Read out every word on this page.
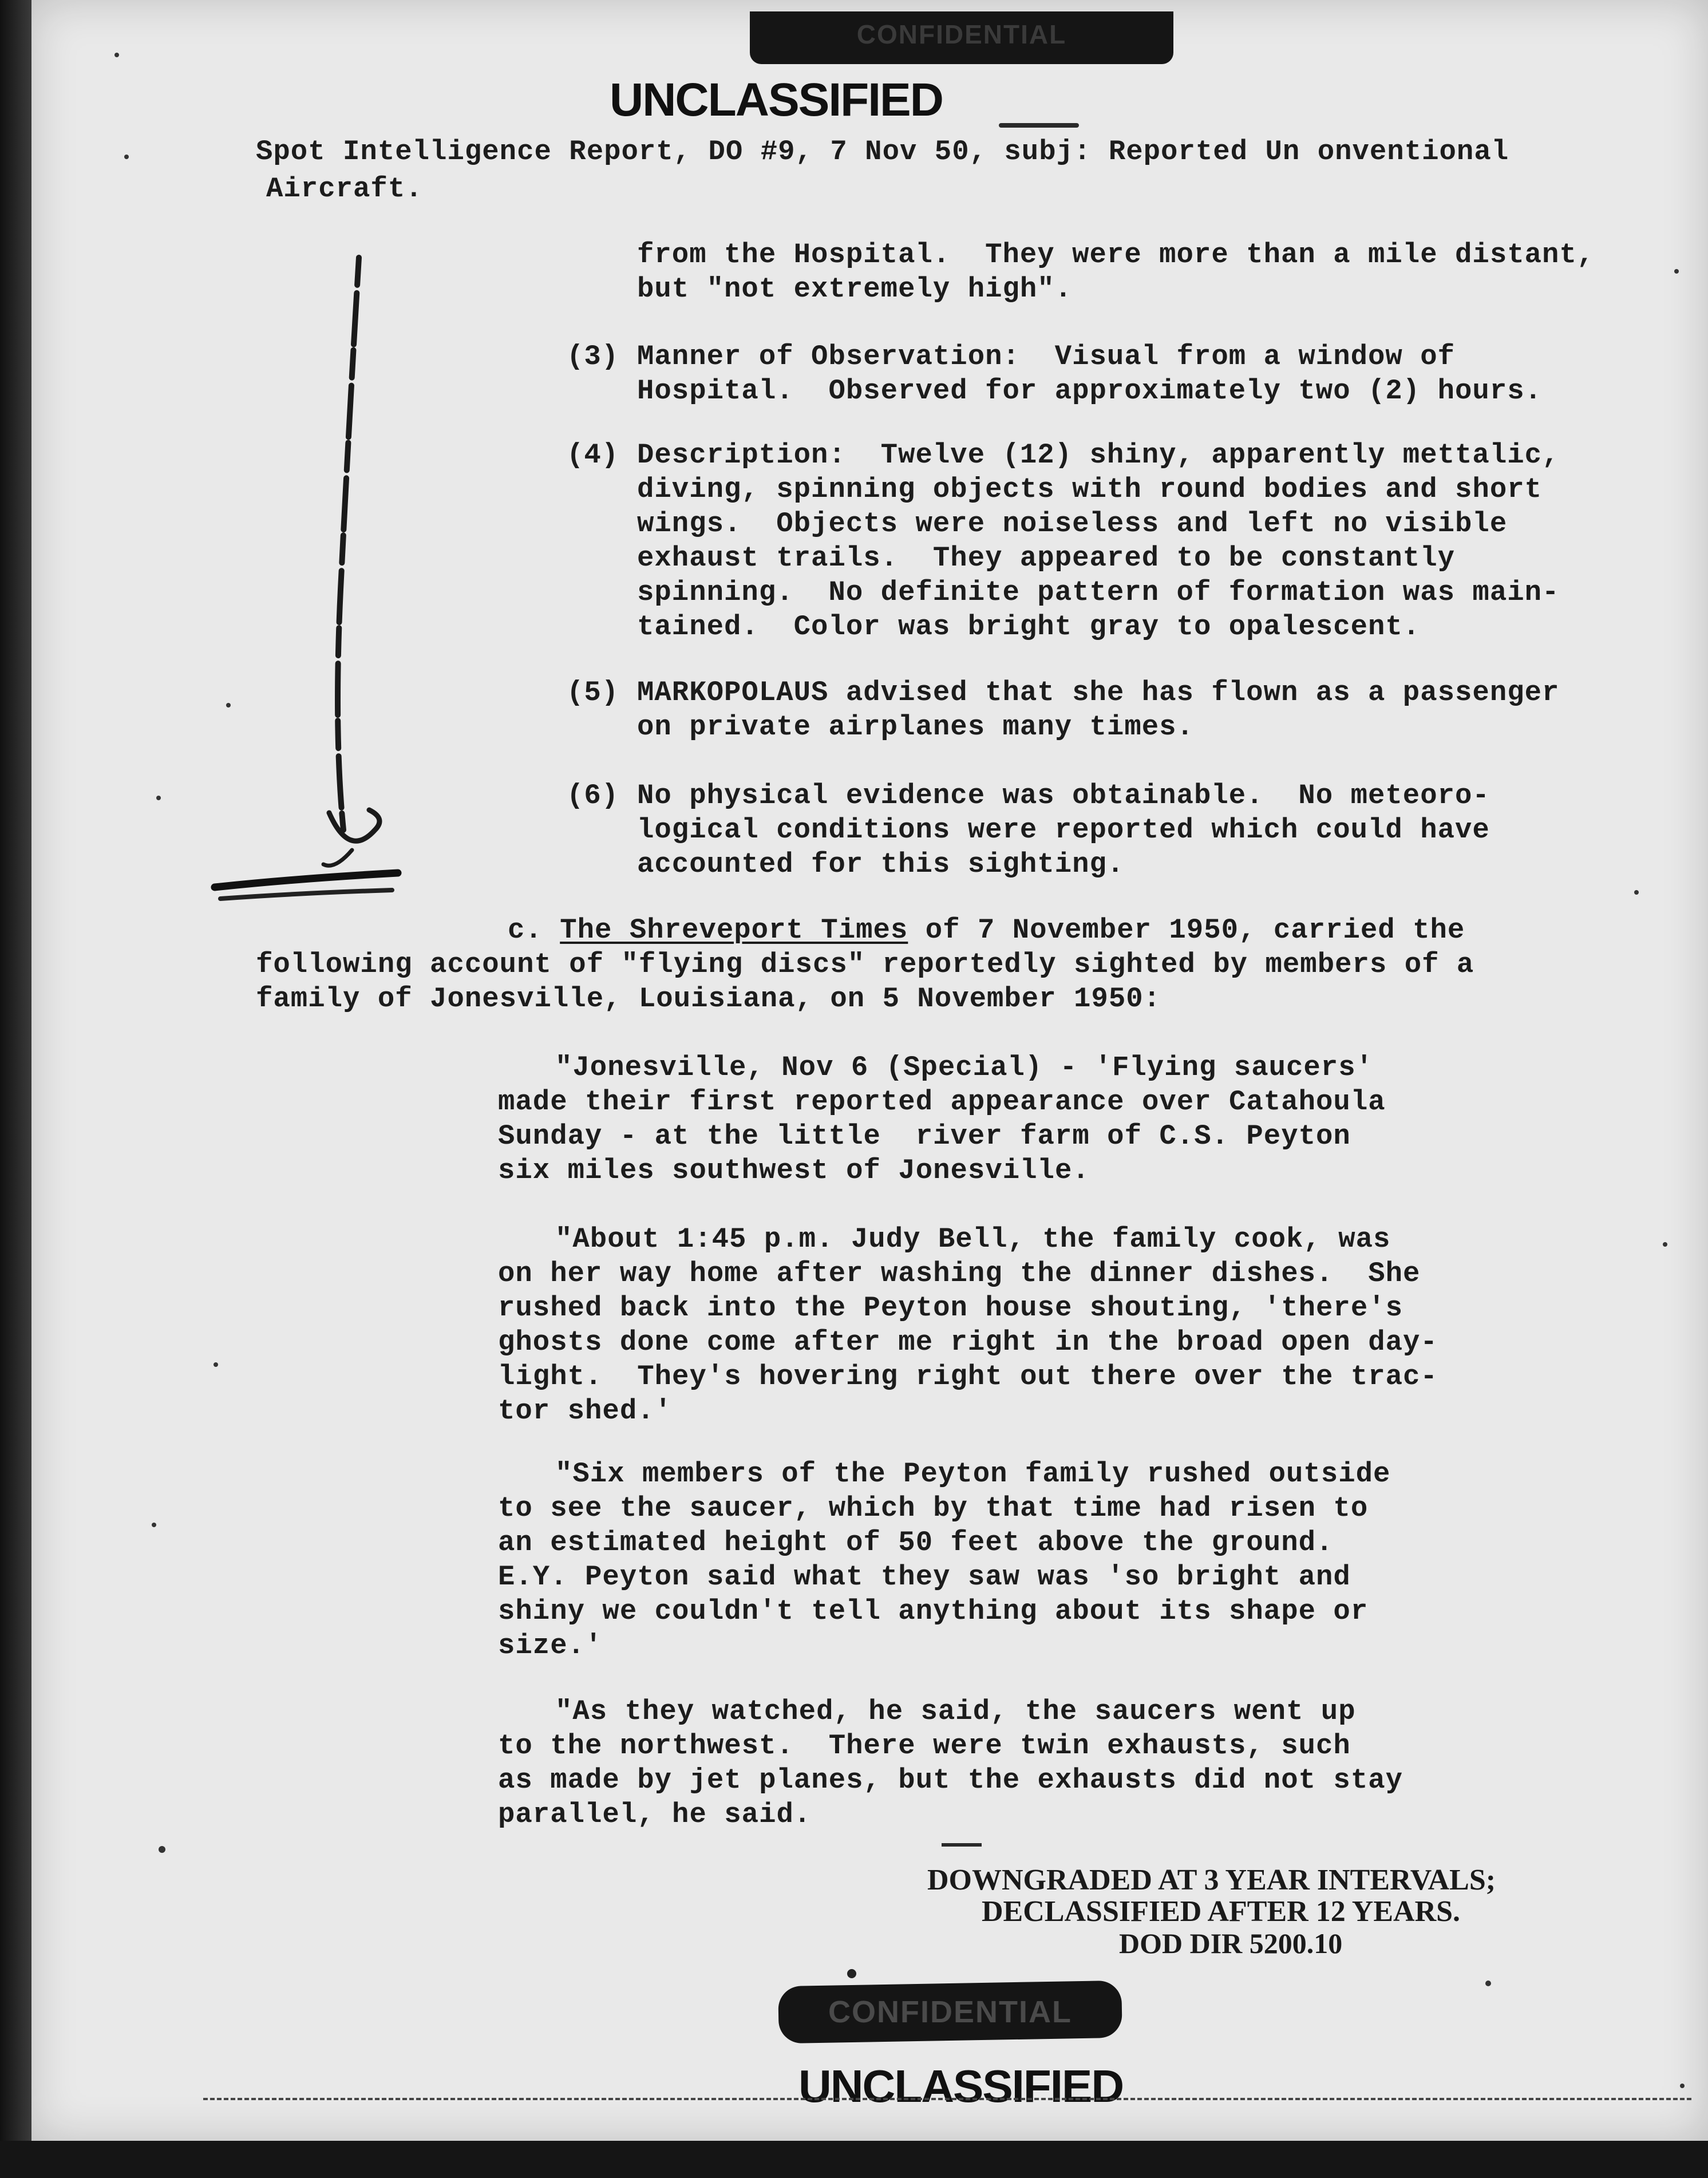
CONFIDENTIAL
UNCLASSIFIED
Spot Intelligence Report, DO #9, 7 Nov 50, subj: Reported Un onventional
Aircraft.
from the Hospital.  They were more than a mile distant,
but "not extremely high".
(3) Manner of Observation:  Visual from a window of
Hospital.  Observed for approximately two (2) hours.
(4) Description:  Twelve (12) shiny, apparently mettalic,
diving, spinning objects with round bodies and short
wings.  Objects were noiseless and left no visible
exhaust trails.  They appeared to be constantly
spinning.  No definite pattern of formation was main-
tained.  Color was bright gray to opalescent.
(5) MARKOPOLAUS advised that she has flown as a passenger
on private airplanes many times.
(6) No physical evidence was obtainable.  No meteoro-
logical conditions were reported which could have
accounted for this sighting.
c. The Shreveport Times of 7 November 1950, carried the
following account of "flying discs" reportedly sighted by members of a
family of Jonesville, Louisiana, on 5 November 1950:
"Jonesville, Nov 6 (Special) - 'Flying saucers'
made their first reported appearance over Catahoula
Sunday - at the little  river farm of C.S. Peyton
six miles southwest of Jonesville.
"About 1:45 p.m. Judy Bell, the family cook, was
on her way home after washing the dinner dishes.  She
rushed back into the Peyton house shouting, 'there's
ghosts done come after me right in the broad open day-
light.  They's hovering right out there over the trac-
tor shed.'
"Six members of the Peyton family rushed outside
to see the saucer, which by that time had risen to
an estimated height of 50 feet above the ground.
E.Y. Peyton said what they saw was 'so bright and
shiny we couldn't tell anything about its shape or
size.'
"As they watched, he said, the saucers went up
to the northwest.  There were twin exhausts, such
as made by jet planes, but the exhausts did not stay
parallel, he said.
DOWNGRADED AT 3 YEAR INTERVALS;
DECLASSIFIED AFTER 12 YEARS.
DOD DIR 5200.10
CONFIDENTIAL
UNCLASSIFIED
